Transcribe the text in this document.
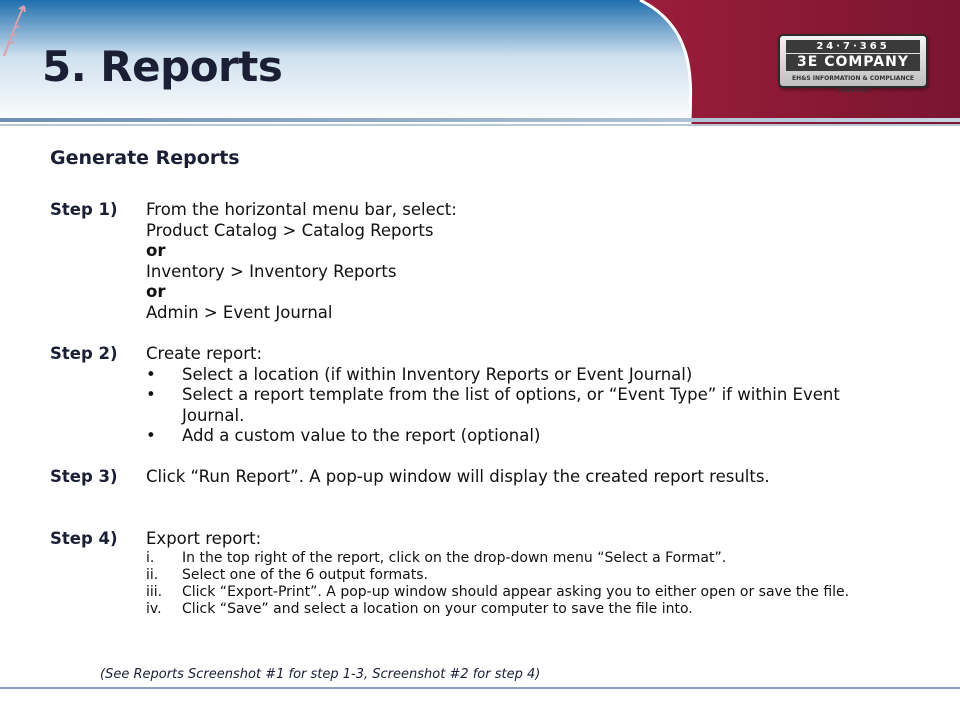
5. Reports	24·7·365
3E COMPANY
EH&S INFORMATION & COMPLIANCE SERVICES
Generate Reports
Step 1)	From the horizontal menu bar, select:
Product Catalog > Catalog Reports
or
Inventory > Inventory Reports
or
Admin > Event Journal
Step 2)	Create report:
• Select a location (if within Inventory Reports or Event Journal)
• Select a report template from the list of options, or “Event Type” if within Event Journal.
• Add a custom value to the report (optional)
Step 3)	Click “Run Report”. A pop-up window will display the created report results.
Step 4)	Export report:
i. In the top right of the report, click on the drop-down menu “Select a Format”.
ii. Select one of the 6 output formats.
iii. Click “Export-Print”. A pop-up window should appear asking you to either open or save the file.
iv. Click “Save” and select a location on your computer to save the file into.

(See Reports Screenshot #1 for step 1-3, Screenshot #2 for step 4)
